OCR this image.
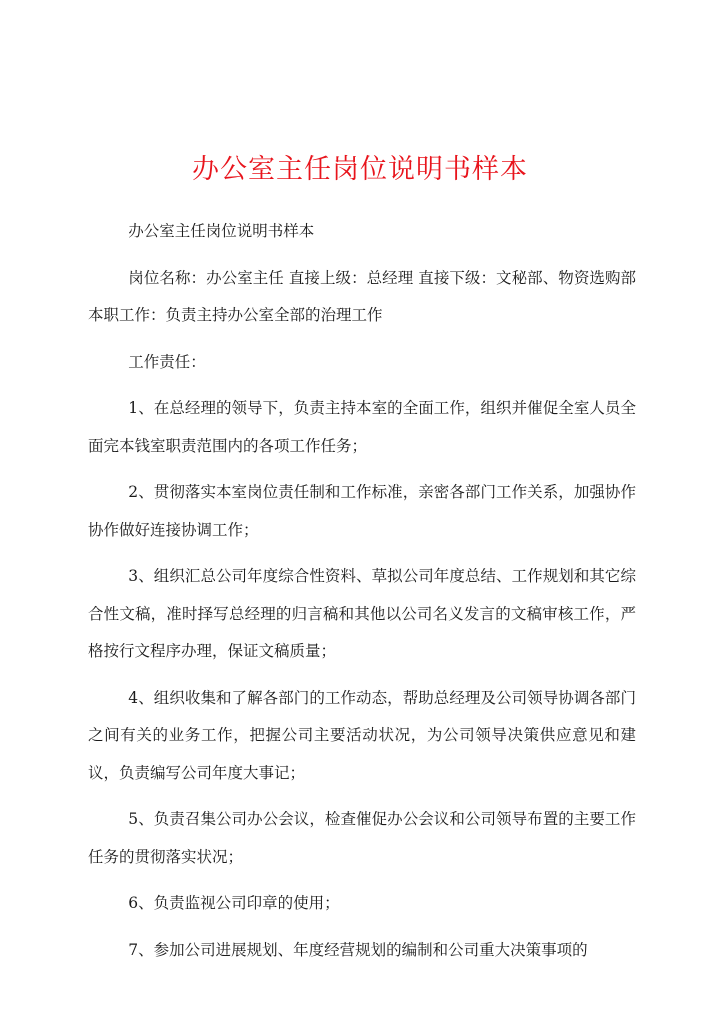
办公室主任岗位说明书样本

办公室主任岗位说明书样本

岗位名称：办公室主任 直接上级：总经理 直接下级：文秘部、物资选购部 本职工作：负责主持办公室全部的治理工作

工作责任：

1、在总经理的领导下，负责主持本室的全面工作，组织并催促全室人员全面完本钱室职责范围内的各项工作任务；

2、贯彻落实本室岗位责任制和工作标准，亲密各部门工作关系，加强协作协作做好连接协调工作；

3、组织汇总公司年度综合性资料、草拟公司年度总结、工作规划和其它综合性文稿，准时择写总经理的归言稿和其他以公司名义发言的文稿审核工作，严格按行文程序办理，保证文稿质量；

4、组织收集和了解各部门的工作动态，帮助总经理及公司领导协调各部门之间有关的业务工作，把握公司主要活动状况，为公司领导决策供应意见和建议，负责编写公司年度大事记；

5、负责召集公司办公会议，检查催促办公会议和公司领导布置的主要工作任务的贯彻落实状况；

6、负责监视公司印章的使用；

7、参加公司进展规划、年度经营规划的编制和公司重大决策事项的
